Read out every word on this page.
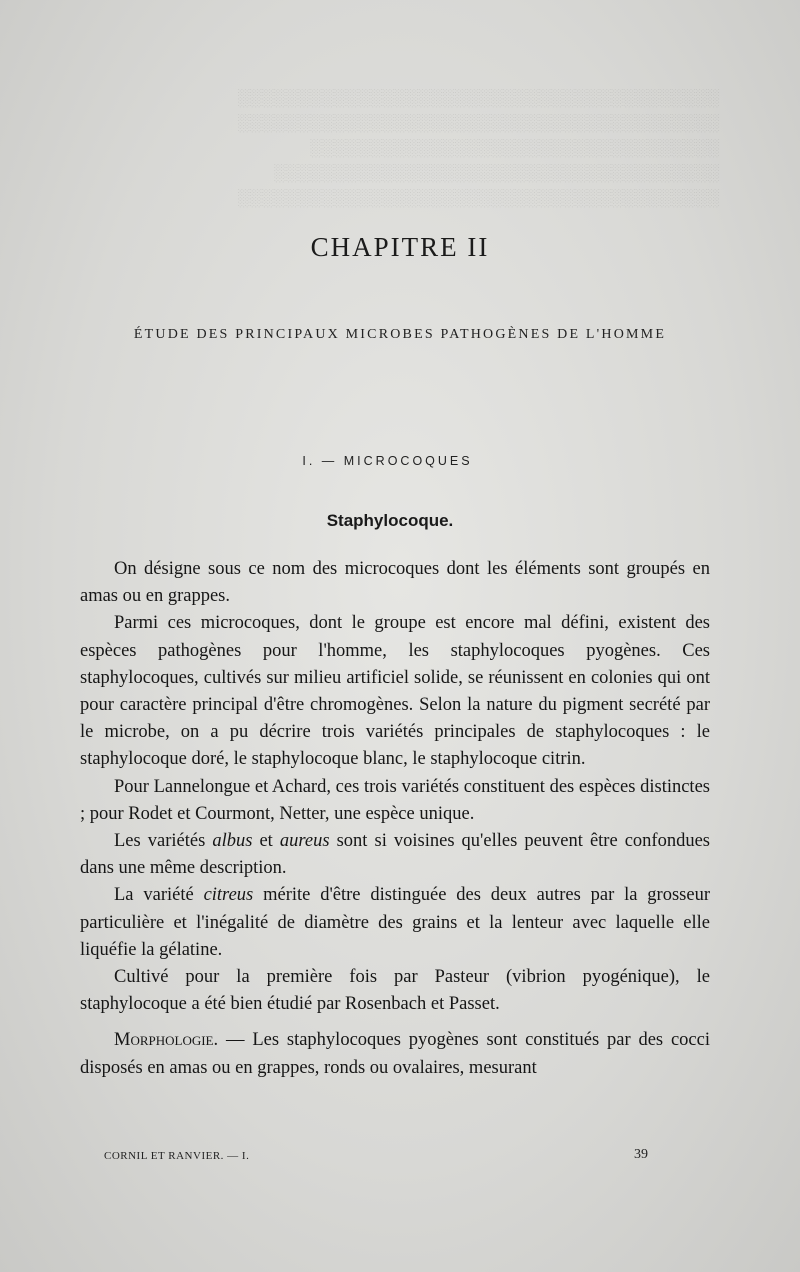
░░░░░░░░░░░░░░░░░░░░░░░░░░░░░░░░░░░░░░░░
░░░░░░░░░░░░░░░░░░░░░░░░░░░░░░░░░░░░░░░░
░░░░░░░░░░░░░░░░░░░░░░░░░░░░░░░░░░
░░░░░░░░░░░░░░░░░░░░░░░░░░░░░░░░░░░░░
░░░░░░░░░░░░░░░░░░░░░░░░░░░░░░░░░░░░░░░░
CHAPITRE II
ÉTUDE DES PRINCIPAUX MICROBES PATHOGÈNES DE L'HOMME
I. — MICROCOQUES
Staphylocoque.

On désigne sous ce nom des microcoques dont les éléments sont groupés en amas ou en grappes.

Parmi ces microcoques, dont le groupe est encore mal défini, existent des espèces pathogènes pour l'homme, les staphylocoques pyogènes. Ces staphylocoques, cultivés sur milieu artificiel solide, se réunissent en colonies qui ont pour caractère principal d'être chromogènes. Selon la nature du pigment secrété par le microbe, on a pu décrire trois variétés principales de staphylocoques : le staphylocoque doré, le staphylocoque blanc, le staphylocoque citrin.

Pour Lannelongue et Achard, ces trois variétés constituent des espèces distinctes ; pour Rodet et Courmont, Netter, une espèce unique.

Les variétés albus et aureus sont si voisines qu'elles peuvent être confondues dans une même description.

La variété citreus mérite d'être distinguée des deux autres par la grosseur particulière et l'inégalité de diamètre des grains et la lenteur avec laquelle elle liquéfie la gélatine.

Cultivé pour la première fois par Pasteur (vibrion pyogénique), le staphylocoque a été bien étudié par Rosenbach et Passet.

Morphologie. — Les staphylocoques pyogènes sont constitués par des cocci disposés en amas ou en grappes, ronds ou ovalaires, mesurant

CORNIL ET RANVIER. — I.	39
